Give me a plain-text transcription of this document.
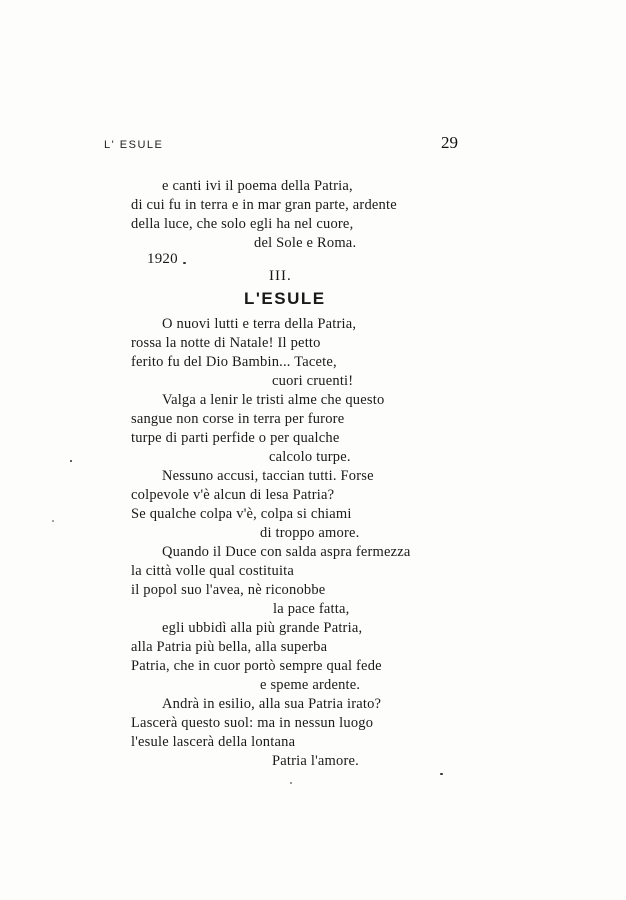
L' ESULE	29
e canti ivi il poema della Patria,
di cui fu in terra e in mar gran parte, ardente
della luce, che solo egli ha nel cuore,
del Sole e Roma.
1920
III.
L'ESULE
O nuovi lutti e terra della Patria,
rossa la notte di Natale! Il petto
ferito fu del Dio Bambin... Tacete,
cuori cruenti!
Valga a lenir le tristi alme che questo
sangue non corse in terra per furore
turpe di parti perfide o per qualche
calcolo turpe.
Nessuno accusi, taccian tutti. Forse
colpevole v'è alcun di lesa Patria?
Se qualche colpa v'è, colpa si chiami
di troppo amore.
Quando il Duce con salda aspra fermezza
la città volle qual costituita
il popol suo l'avea, nè riconobbe
la pace fatta,
egli ubbidì alla più grande Patria,
alla Patria più bella, alla superba
Patria, che in cuor portò sempre qual fede
e speme ardente.
Andrà in esilio, alla sua Patria irato?
Lascerà questo suol: ma in nessun luogo
l'esule lascerà della lontana
Patria l'amore.
